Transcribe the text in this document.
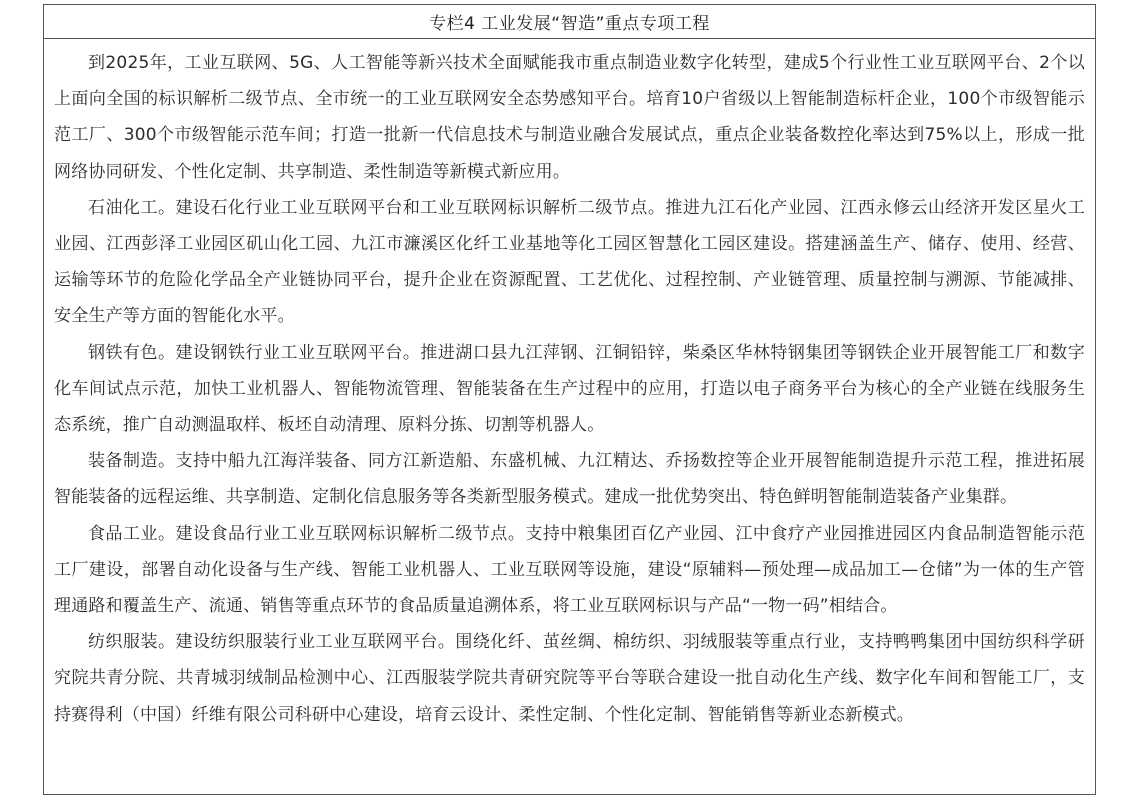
专栏4 工业发展“智造”重点专项工程

到2025年，工业互联网、5G、人工智能等新兴技术全面赋能我市重点制造业数字化转型，建成5个行业性工业互联网平台、2个以上面向全国的标识解析二级节点、全市统一的工业互联网安全态势感知平台。培育10户省级以上智能制造标杆企业，100个市级智能示范工厂、300个市级智能示范车间；打造一批新一代信息技术与制造业融合发展试点，重点企业装备数控化率达到75%以上，形成一批网络协同研发、个性化定制、共享制造、柔性制造等新模式新应用。

石油化工。建设石化行业工业互联网平台和工业互联网标识解析二级节点。推进九江石化产业园、江西永修云山经济开发区星火工业园、江西彭泽工业园区矶山化工园、九江市濂溪区化纤工业基地等化工园区智慧化工园区建设。搭建涵盖生产、储存、使用、经营、运输等环节的危险化学品全产业链协同平台，提升企业在资源配置、工艺优化、过程控制、产业链管理、质量控制与溯源、节能减排、安全生产等方面的智能化水平。

钢铁有色。建设钢铁行业工业互联网平台。推进湖口县九江萍钢、江铜铅锌，柴桑区华林特钢集团等钢铁企业开展智能工厂和数字化车间试点示范，加快工业机器人、智能物流管理、智能装备在生产过程中的应用，打造以电子商务平台为核心的全产业链在线服务生态系统，推广自动测温取样、板坯自动清理、原料分拣、切割等机器人。

装备制造。支持中船九江海洋装备、同方江新造船、东盛机械、九江精达、乔扬数控等企业开展智能制造提升示范工程，推进拓展智能装备的远程运维、共享制造、定制化信息服务等各类新型服务模式。建成一批优势突出、特色鲜明智能制造装备产业集群。

食品工业。建设食品行业工业互联网标识解析二级节点。支持中粮集团百亿产业园、江中食疗产业园推进园区内食品制造智能示范工厂建设，部署自动化设备与生产线、智能工业机器人、工业互联网等设施，建设“原辅料—预处理—成品加工—仓储”为一体的生产管理通路和覆盖生产、流通、销售等重点环节的食品质量追溯体系，将工业互联网标识与产品“一物一码”相结合。

纺织服装。建设纺织服装行业工业互联网平台。围绕化纤、茧丝绸、棉纺织、羽绒服装等重点行业，支持鸭鸭集团中国纺织科学研究院共青分院、共青城羽绒制品检测中心、江西服装学院共青研究院等平台等联合建设一批自动化生产线、数字化车间和智能工厂，支持赛得利（中国）纤维有限公司科研中心建设，培育云设计、柔性定制、个性化定制、智能销售等新业态新模式。
